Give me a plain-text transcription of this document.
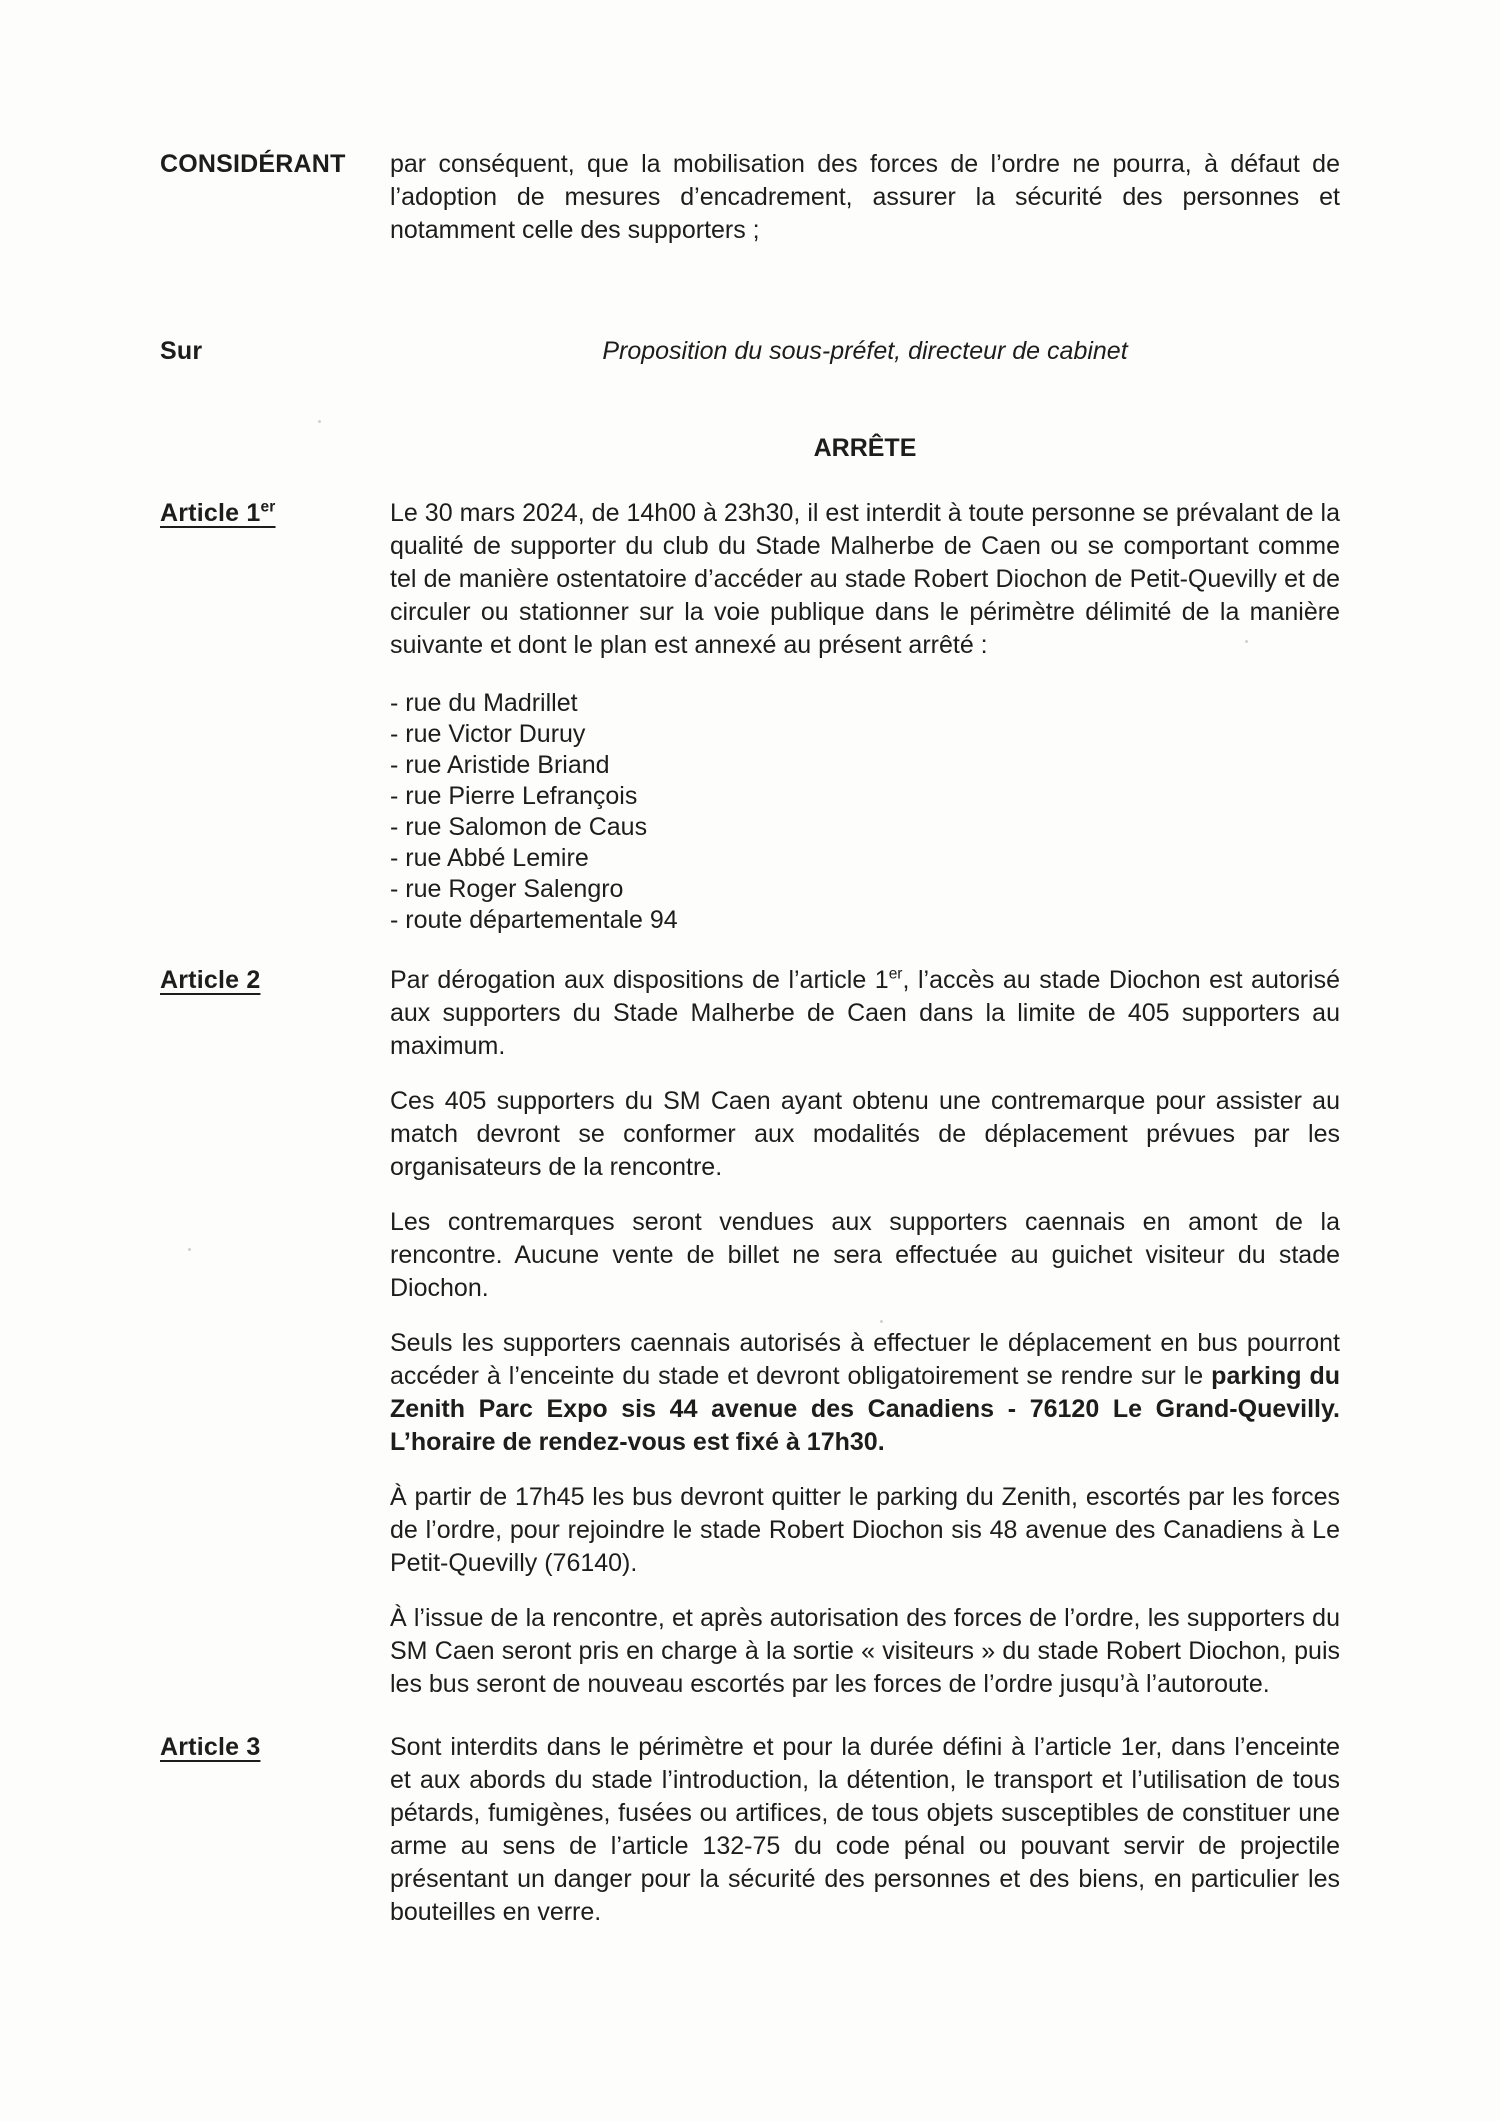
CONSIDÉRANT	par conséquent, que la mobilisation des forces de l’ordre ne pourra, à défaut de l’adoption de mesures d’encadrement, assurer la sécurité des personnes et notamment celle des supporters ;
Sur	Proposition du sous-préfet, directeur de cabinet
ARRÊTE
Article 1er	Le 30 mars 2024, de 14h00 à 23h30, il est interdit à toute personne se prévalant de la qualité de supporter du club du Stade Malherbe de Caen ou se comportant comme tel de manière ostentatoire d’accéder au stade Robert Diochon de Petit-Quevilly et de circuler ou stationner sur la voie publique dans le périmètre délimité de la manière suivante et dont le plan est annexé au présent arrêté :

- rue du Madrillet
- rue Victor Duruy
- rue Aristide Briand
- rue Pierre Lefrançois
- rue Salomon de Caus
- rue Abbé Lemire
- rue Roger Salengro
- route départementale 94
Article 2	Par dérogation aux dispositions de l’article 1er, l’accès au stade Diochon est autorisé aux supporters du Stade Malherbe de Caen dans la limite de 405 supporters au maximum.

Ces 405 supporters du SM Caen ayant obtenu une contremarque pour assister au match devront se conformer aux modalités de déplacement prévues par les organisateurs de la rencontre.

Les contremarques seront vendues aux supporters caennais en amont de la rencontre. Aucune vente de billet ne sera effectuée au guichet visiteur du stade Diochon.

Seuls les supporters caennais autorisés à effectuer le déplacement en bus pourront accéder à l’enceinte du stade et devront obligatoirement se rendre sur le parking du Zenith Parc Expo sis 44 avenue des Canadiens - 76120 Le Grand-Quevilly. L’horaire de rendez-vous est fixé à 17h30.

À partir de 17h45 les bus devront quitter le parking du Zenith, escortés par les forces de l’ordre, pour rejoindre le stade Robert Diochon sis 48 avenue des Canadiens à Le Petit-Quevilly (76140).

À l’issue de la rencontre, et après autorisation des forces de l’ordre, les supporters du SM Caen seront pris en charge à la sortie « visiteurs » du stade Robert Diochon, puis les bus seront de nouveau escortés par les forces de l’ordre jusqu’à l’autoroute.

Article 3	Sont interdits dans le périmètre et pour la durée défini à l’article 1er, dans l’enceinte et aux abords du stade l’introduction, la détention, le transport et l’utilisation de tous pétards, fumigènes, fusées ou artifices, de tous objets susceptibles de constituer une arme au sens de l’article 132-75 du code pénal ou pouvant servir de projectile présentant un danger pour la sécurité des personnes et des biens, en particulier les bouteilles en verre.
